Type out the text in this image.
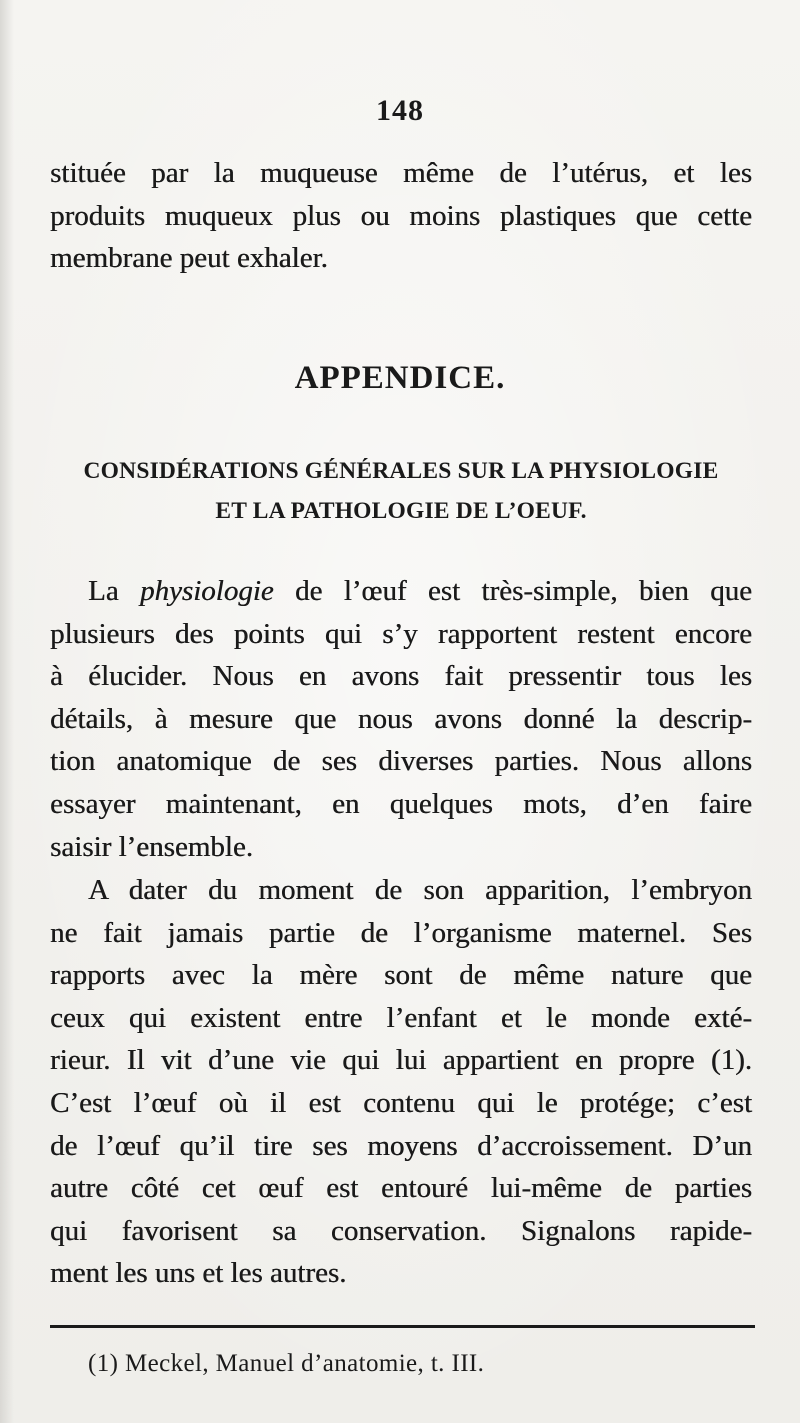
148

stituée par la muqueuse même de l’utérus, et les
produits muqueux plus ou moins plastiques que cette
membrane peut exhaler.

APPENDICE.
CONSIDÉRATIONS GÉNÉRALES SUR LA PHYSIOLOGIE
ET LA PATHOLOGIE DE L’OEUF.

La physiologie de l’œuf est très-simple, bien que
plusieurs des points qui s’y rapportent restent encore
à élucider. Nous en avons fait pressentir tous les
détails, à mesure que nous avons donné la descrip-
tion anatomique de ses diverses parties. Nous allons
essayer maintenant, en quelques mots, d’en faire
saisir l’ensemble.

A dater du moment de son apparition, l’embryon
ne fait jamais partie de l’organisme maternel. Ses
rapports avec la mère sont de même nature que
ceux qui existent entre l’enfant et le monde exté-
rieur. Il vit d’une vie qui lui appartient en propre (1).
C’est l’œuf où il est contenu qui le protége; c’est
de l’œuf qu’il tire ses moyens d’accroissement. D’un
autre côté cet œuf est entouré lui-même de parties
qui favorisent sa conservation. Signalons rapide-
ment les uns et les autres.

(1) Meckel, Manuel d’anatomie, t. III.
